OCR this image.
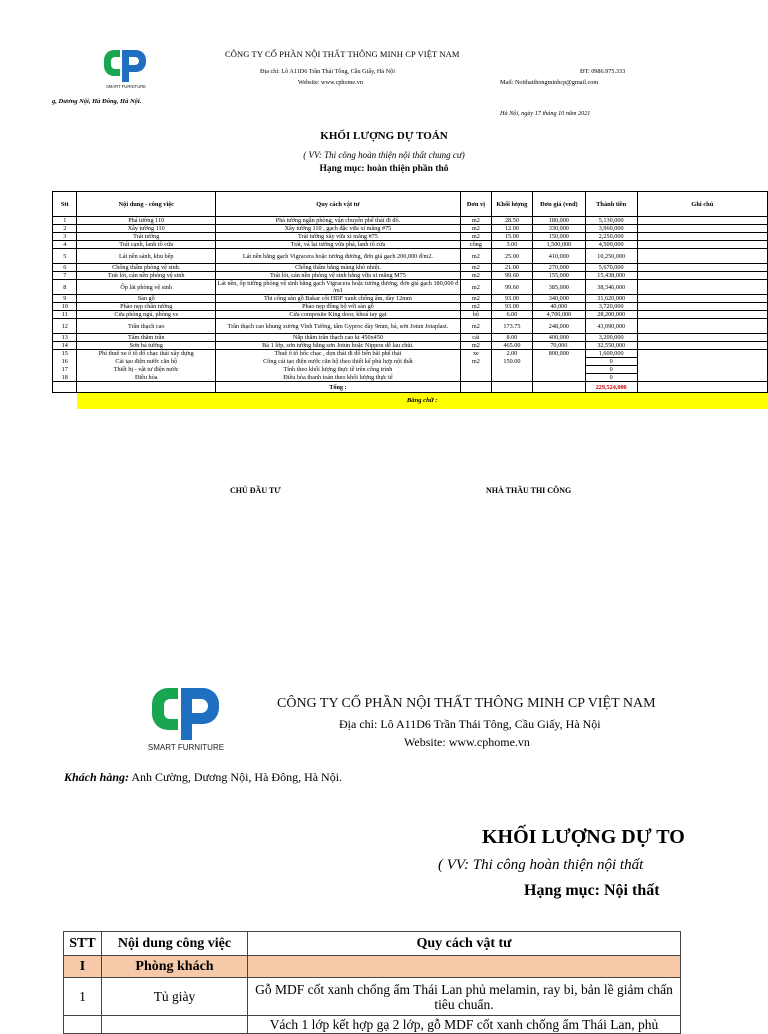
SMART FURNITURE
CÔNG TY CỔ PHẦN NỘI THẤT THÔNG MINH CP VIỆT NAM
Địa chỉ: Lô A11D6 Trần Thái Tông, Cầu Giấy, Hà Nội
Website: www.cphome.vn
ĐT: 0986.975.333
Mail: Noithatthongminhcp@gmail.com
g, Dương Nội, Hà Đông, Hà Nội.
Hà Nội, ngày 17 tháng 10 năm 2021
KHỐI LƯỢNG DỰ TOÁN
( VV: Thi công hoàn thiện nội thất chung cư)
Hạng mục: hoàn thiện phần thô
Stt	Nội dung - công việc	Quy cách vật tư	Đơn vị	Khối lượng	Đơn giá (vnđ)	Thành tiền	Ghi chú
1	Phá tường 110	Phá tường ngăn phòng, vận chuyển phế thải đi đổ.	m2	28.50	180,000	5,130,000	
2	Xây tường 110	Xây tường 110 , gạch đặc vữa xi măng #75	m2	12.00	330,000	3,960,000	
3	Trát tường	Trát tường xây vữa xi măng #75	m2	15.00	150,000	2,250,000	
4	Trát cạnh, lanh tô cửa	Trát, vá lại tường vừa phá, lanh tô cửa	công	3.00	1,500,000	4,500,000	
5	Lát nền sảnh, khu bếp	Lát nền bằng gạch Vigracera hoặc tương đương, đơn giá gạch 200,000 đ/m2.	m2	25.00	410,000	10,250,000	
6	Chống thấm phòng vệ sinh.	Chống thấm bằng màng khò nhiệt.	m2	21.00	270,000	5,670,000	
7	Trát lót, cán nền phòng vệ sinh	Trát lót, cán nền phòng vệ sinh bằng vữa xi măng M75	m2	99.60	155,000	15,438,000	
8	Ốp lát phòng vệ sinh	Lát nền, ốp tường phòng vệ sinh bằng gạch Vigracera hoặc tương đương, đơn giá gạch 180,000 đ /m1	m2	99.60	385,000	38,346,000	
9	Sàn gỗ	Thi công sàn gỗ Bakar cốt HDF xanh chống ẩm, dày 12mm	m2	93.00	340,000	31,620,000	
10	Phào nẹp chân tường	Phào nẹp đồng bộ với sàn gỗ	m2	93.00	40,000	3,720,000	
11	Cửa phòng ngủ, phòng vs	Cửa composite King door, khoá tay gạt	bộ	6.00	4,700,000	28,200,000	
12	Trần thạch cao	Trần thạch cao khung xương Vĩnh Tường, tấm Gyproc dày 9mm, bả, sơn Jotun Jotaplast.	m2	173.75	248,000	43,090,000	
13	Tấm thăm trần	Nắp thăm trần thạch cao kt 450x450	cái	8.00	400,000	3,200,000	
14	Sơn bả tường	Bả 1 lớp, sơn tường bằng sơn Jotun hoặc Nippon dễ lau chùi.	m2	465.00	70,000	32,550,000	
15	Phí thuê xe ô tô đổ chạc thải xây dựng	Thuê ô tô bốc chạc , dọn thải đi đổ bến bãi phế thải	xe	2.00	800,000	1,600,000	
16	Cải tạo điện nước căn hộ	Công cải tạo điện nước căn hộ theo thiết kế phù hợp nội thất	m2	150.00		0	
17	Thiết bị - vật tư điện nước	Tính theo khối lượng thực tế trên công trình				0	
18	Điều hòa	Điều hòa thanh toán theo khối lượng thực tế				0	
		Tổng :				229,524,000	
	Bằng chữ :						
CHỦ ĐẦU TƯ	NHÀ THẦU THI CÔNG
SMART FURNITURE
CÔNG TY CỔ PHẦN NỘI THẤT THÔNG MINH CP VIỆT NAM
Địa chỉ: Lô A11D6 Trần Thái Tông, Cầu Giấy, Hà Nội
Website: www.cphome.vn
Khách hàng: Anh Cường, Dương Nội, Hà Đông, Hà Nội.
KHỐI LƯỢNG DỰ TO
( VV: Thi công hoàn thiện nội thất
Hạng mục: Nội thất
STT	Nội dung công việc	Quy cách vật tư
I	Phòng khách	
1	Tủ giày	Gỗ MDF cốt xanh chống ẩm Thái Lan phủ melamin, ray bi, bản lề giảm chấn tiêu chuẩn.
		Vách 1 lớp kết hợp gạ 2 lớp, gỗ MDF cốt xanh chống ẩm Thái Lan, phủ
